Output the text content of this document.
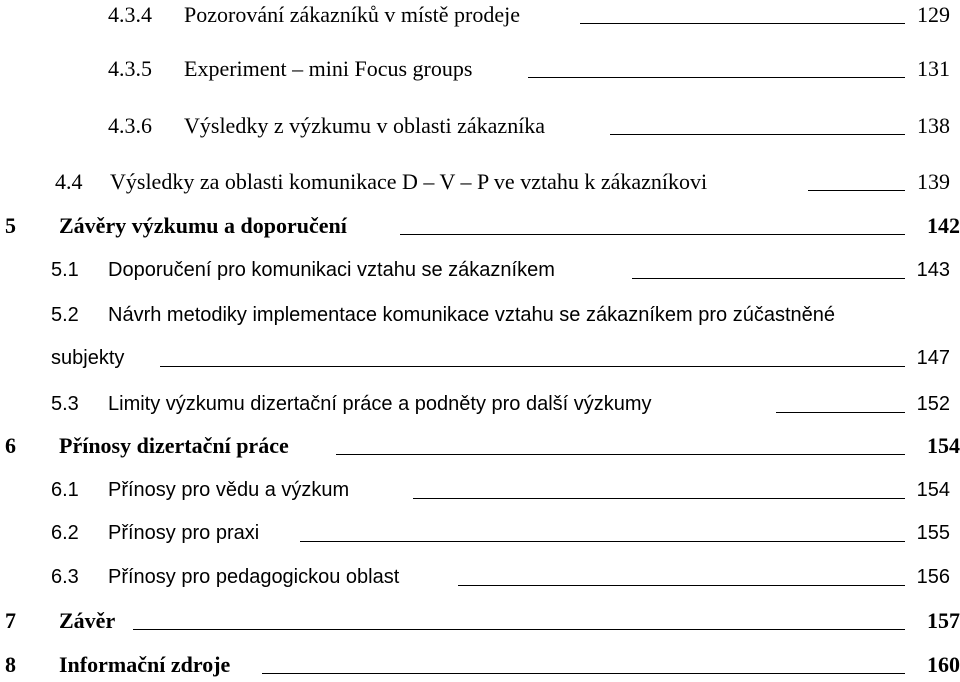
4.3.4 Pozorování zákazníků v místě prodeje	129
4.3.5 Experiment – mini Focus groups	131
4.3.6 Výsledky z výzkumu v oblasti zákazníka	138
4.4 Výsledky za oblasti komunikace D – V – P ve vztahu k zákazníkovi	139
5 Závěry výzkumu a doporučení	142
5.1 Doporučení pro komunikaci vztahu se zákazníkem	143
5.2 Návrh metodiky implementace komunikace vztahu se zákazníkem pro zúčastněné
subjekty	147
5.3 Limity výzkumu dizertační práce a podněty pro další výzkumy	152
6 Přínosy dizertační práce	154
6.1 Přínosy pro vědu a výzkum	154
6.2 Přínosy pro praxi	155
6.3 Přínosy pro pedagogickou oblast	156
7 Závěr	157
8 Informační zdroje	160
